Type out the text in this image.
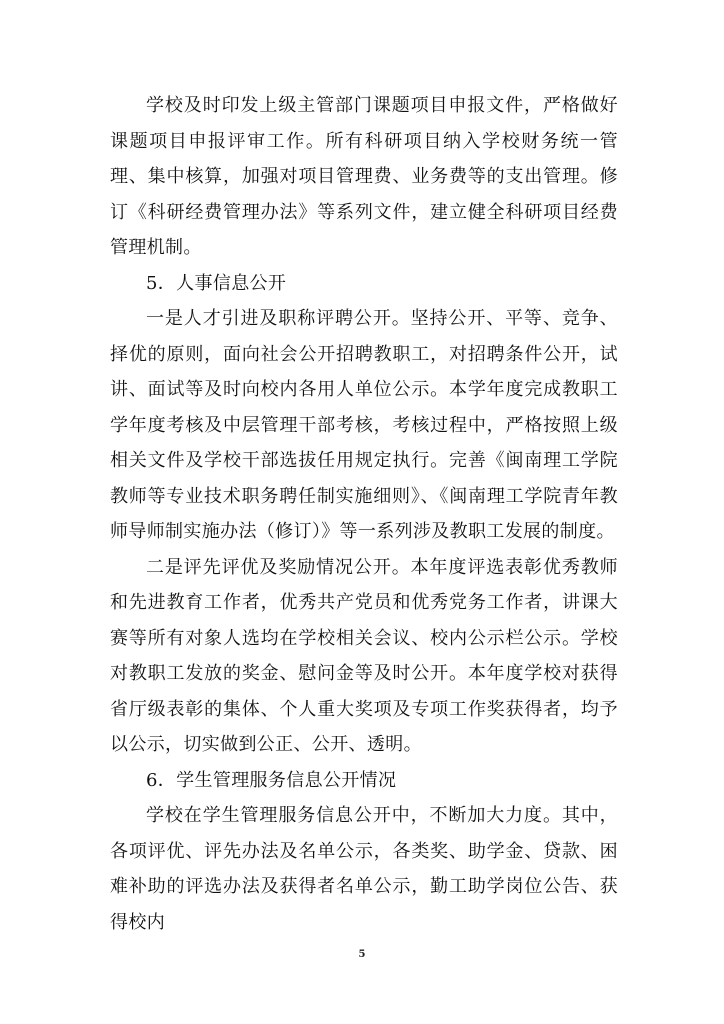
学校及时印发上级主管部门课题项目申报文件，严格做好课题项目申报评审工作。所有科研项目纳入学校财务统一管理、集中核算，加强对项目管理费、业务费等的支出管理。修订《科研经费管理办法》等系列文件，建立健全科研项目经费管理机制。

5．人事信息公开

一是人才引进及职称评聘公开。坚持公开、平等、竞争、择优的原则，面向社会公开招聘教职工，对招聘条件公开，试讲、面试等及时向校内各用人单位公示。本学年度完成教职工学年度考核及中层管理干部考核，考核过程中，严格按照上级相关文件及学校干部选拔任用规定执行。完善《闽南理工学院教师等专业技术职务聘任制实施细则》、《闽南理工学院青年教师导师制实施办法（修订）》等一系列涉及教职工发展的制度。

二是评先评优及奖励情况公开。本年度评选表彰优秀教师和先进教育工作者，优秀共产党员和优秀党务工作者，讲课大赛等所有对象人选均在学校相关会议、校内公示栏公示。学校对教职工发放的奖金、慰问金等及时公开。本年度学校对获得省厅级表彰的集体、个人重大奖项及专项工作奖获得者，均予以公示，切实做到公正、公开、透明。

6．学生管理服务信息公开情况

学校在学生管理服务信息公开中，不断加大力度。其中，各项评优、评先办法及名单公示，各类奖、助学金、贷款、困难补助的评选办法及获得者名单公示，勤工助学岗位公告、获得校内

5
